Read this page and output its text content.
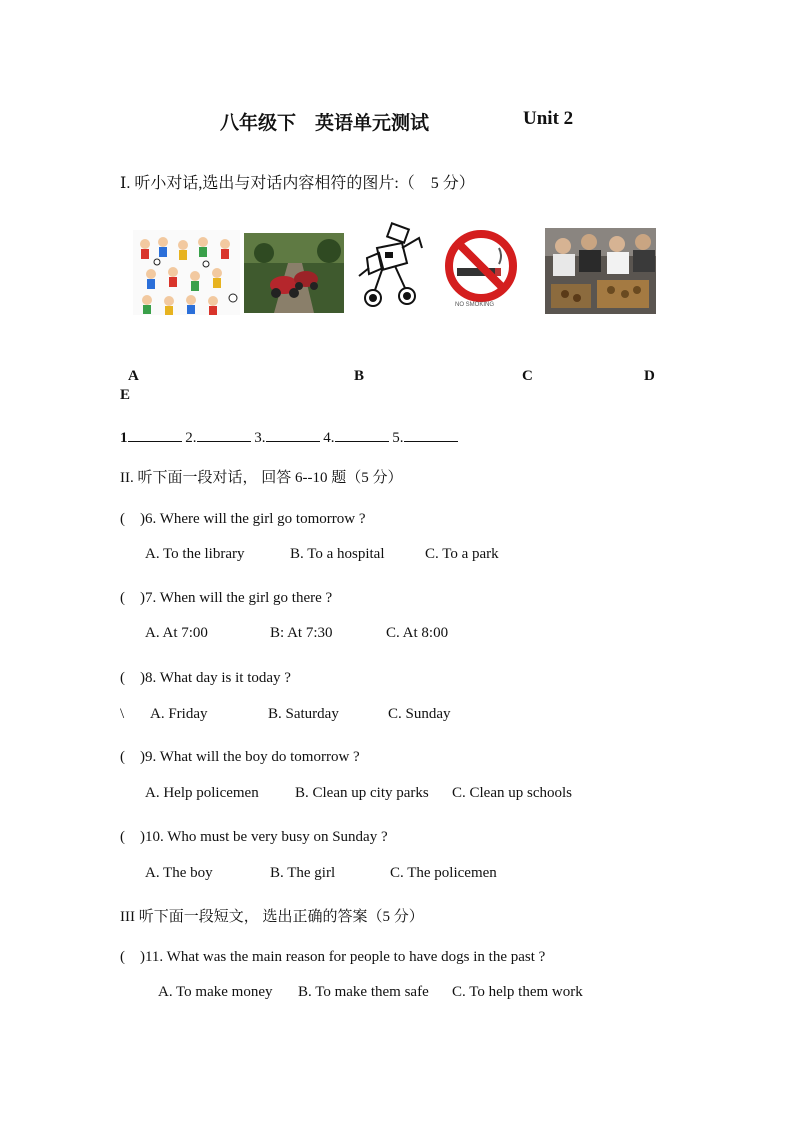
八年级下　英语单元测试	Unit 2
Ⅰ. 听小对话,选出与对话内容相符的图片:（　5 分）
NO SMOKING
A	B	C	D
E
1	2.	3.	4.	5.
II. 听下面一段对话， 回答 6--10 题（5 分）
(　)6. Where will the girl go tomorrow ?
A. To the library	B. To a hospital	C. To a park
(　)7. When will the girl go there ?
A. At 7:00	B: At 7:30	C. At 8:00
(　)8. What day is it today ?
\ A. Friday	B. Saturday	C. Sunday
(　)9. What will the boy do tomorrow ?
A. Help policemen B. Clean up city parks C. Clean up schools
(　)10. Who must be very busy on Sunday ?
A. The boy	B. The girl	C. The policemen
III 听下面一段短文， 选出正确的答案（5 分）
(　)11. What was the main reason for people to have dogs in the past ?
A. To make money B. To make them safe C. To help them work
